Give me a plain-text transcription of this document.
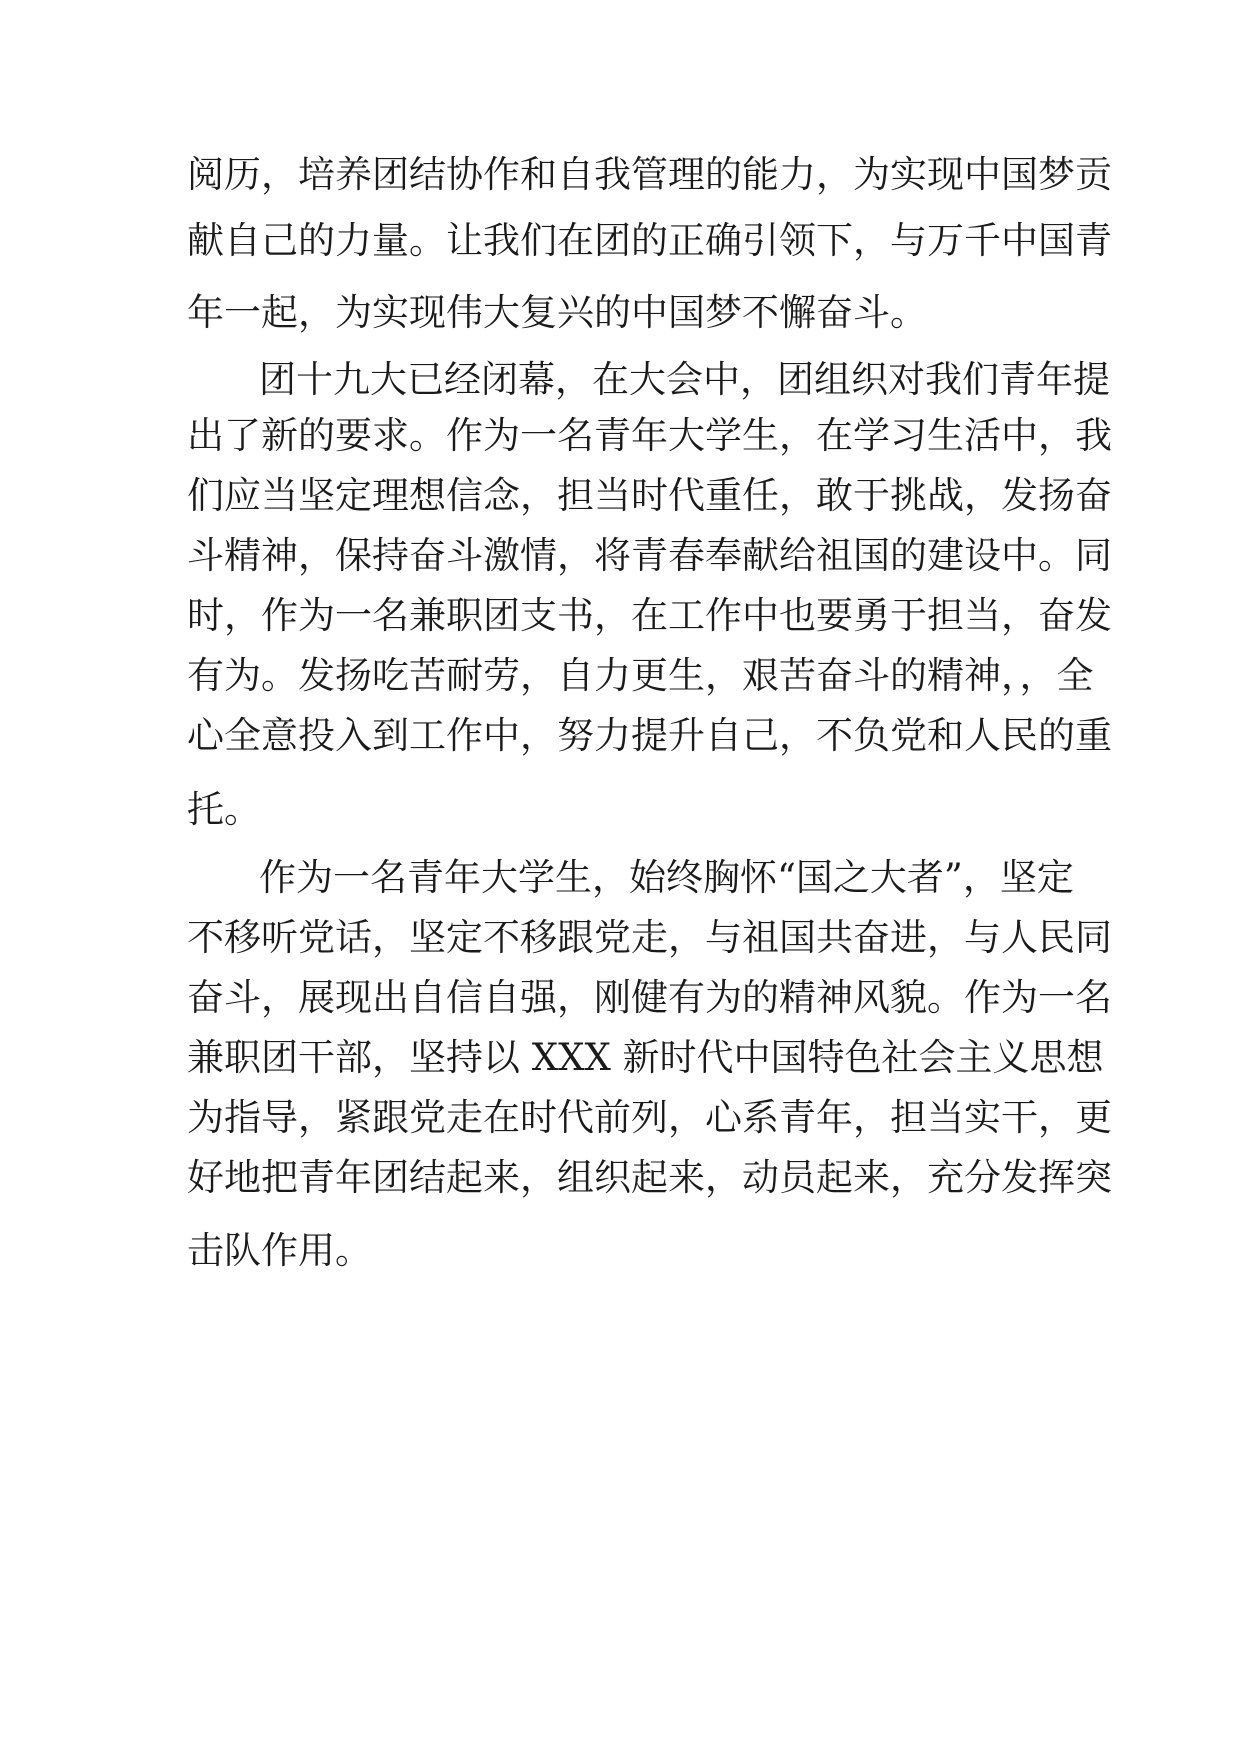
阅历，培养团结协作和自我管理的能力，为实现中国梦贡
献自己的力量。让我们在团的正确引领下，与万千中国青
年一起，为实现伟大复兴的中国梦不懈奋斗。
团十九大已经闭幕，在大会中，团组织对我们青年提
出了新的要求。作为一名青年大学生，在学习生活中，我
们应当坚定理想信念，担当时代重任，敢于挑战，发扬奋
斗精神，保持奋斗激情，将青春奉献给祖国的建设中。同
时，作为一名兼职团支书，在工作中也要勇于担当，奋发
有为。发扬吃苦耐劳，自力更生，艰苦奋斗的精神，，全
心全意投入到工作中，努力提升自己，不负党和人民的重
托。
作为一名青年大学生，始终胸怀“国之大者”，坚定
不移听党话，坚定不移跟党走，与祖国共奋进，与人民同
奋斗，展现出自信自强，刚健有为的精神风貌。作为一名
兼职团干部，坚持以 XXX 新时代中国特色社会主义思想
为指导，紧跟党走在时代前列，心系青年，担当实干，更
好地把青年团结起来，组织起来，动员起来，充分发挥突
击队作用。
